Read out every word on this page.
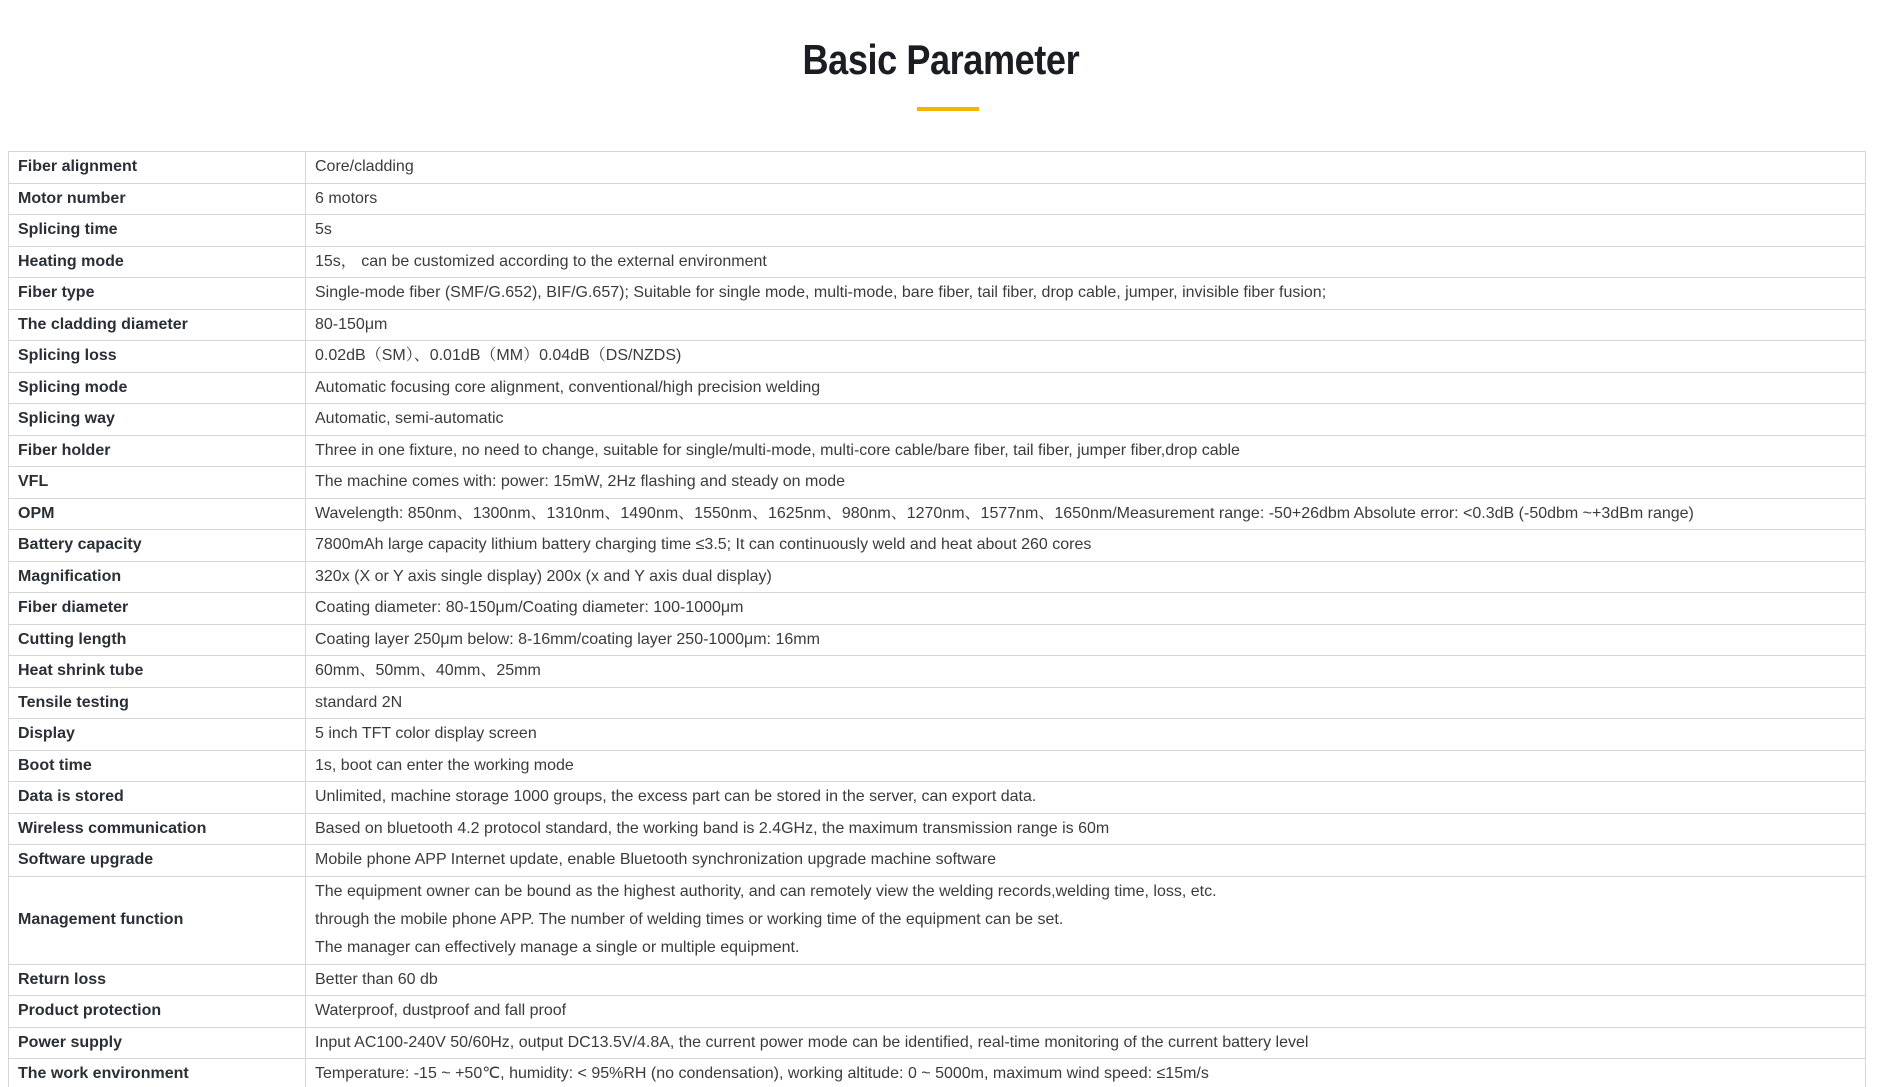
Basic Parameter
Fiber alignment	Core/cladding
Motor number	6 motors
Splicing time	5s
Heating mode	15s， can be customized according to the external environment
Fiber type	Single-mode fiber (SMF/G.652), BIF/G.657); Suitable for single mode, multi-mode, bare fiber, tail fiber, drop cable, jumper, invisible fiber fusion;
The cladding diameter	80-150μm
Splicing loss	0.02dB（SM）、0.01dB（MM）0.04dB（DS/NZDS)
Splicing mode	Automatic focusing core alignment, conventional/high precision welding
Splicing way	Automatic, semi-automatic
Fiber holder	Three in one fixture, no need to change, suitable for single/multi-mode, multi-core cable/bare fiber, tail fiber, jumper fiber,drop cable
VFL	The machine comes with: power: 15mW, 2Hz flashing and steady on mode
OPM	Wavelength: 850nm、1300nm、1310nm、1490nm、1550nm、1625nm、980nm、1270nm、1577nm、1650nm/Measurement range: -50+26dbm Absolute error: <0.3dB (-50dbm ~+3dBm range)
Battery capacity	7800mAh large capacity lithium battery charging time ≤3.5; It can continuously weld and heat about 260 cores
Magnification	320x (X or Y axis single display) 200x (x and Y axis dual display)
Fiber diameter	Coating diameter: 80-150μm/Coating diameter: 100-1000μm
Cutting length	Coating layer 250μm below: 8-16mm/coating layer 250-1000μm: 16mm
Heat shrink tube	60mm、50mm、40mm、25mm
Tensile testing	standard 2N
Display	5 inch TFT color display screen
Boot time	1s, boot can enter the working mode
Data is stored	Unlimited, machine storage 1000 groups, the excess part can be stored in the server, can export data.
Wireless communication	Based on bluetooth 4.2 protocol standard, the working band is 2.4GHz, the maximum transmission range is 60m
Software upgrade	Mobile phone APP Internet update, enable Bluetooth synchronization upgrade machine software
Management function	The equipment owner can be bound as the highest authority, and can remotely view the welding records,welding time, loss, etc.
through the mobile phone APP. The number of welding times or working time of the equipment can be set.
The manager can effectively manage a single or multiple equipment.

Return loss	Better than 60 db
Product protection	Waterproof, dustproof and fall proof
Power supply	Input AC100-240V 50/60Hz, output DC13.5V/4.8A, the current power mode can be identified, real-time monitoring of the current battery level
The work environment	Temperature: -15 ~ +50℃, humidity: < 95%RH (no condensation), working altitude: 0 ~ 5000m, maximum wind speed: ≤15m/s
